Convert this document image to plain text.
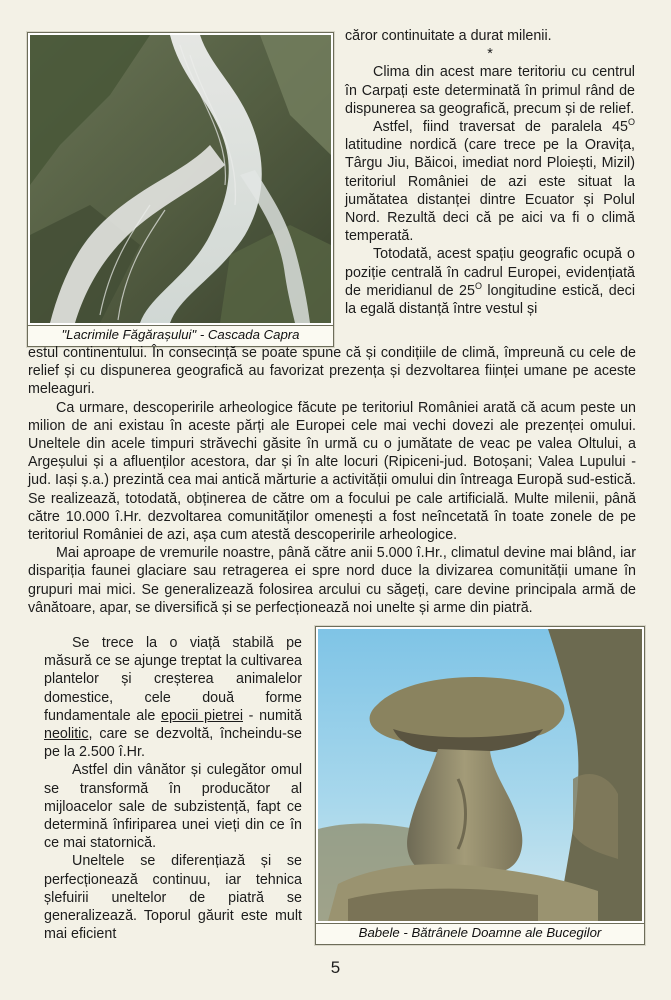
"Lacrimile Făgărașului" - Cascada Capra
Babele - Bătrânele Doamne ale Bucegilor

căror continuitate a durat milenii.

*

Clima din acest mare teritoriu cu centrul în Carpați este determinată în primul rând de dispunerea sa geografică, precum și de relief.

Astfel, fiind traversat de paralela $45^O$ latitudine nordică (care trece pe la Oravița, Târgu Jiu, Băicoi, imediat nord Ploiești, Mizil) teritoriul României de azi este situat la jumătatea distanței dintre Ecuator și Polul Nord. Rezultă deci că pe aici va fi o climă temperată.

Totodată, acest spațiu geografic ocupă o poziție centrală în cadrul Europei, evidențiată de meridianul de $25^O$ longitudine estică, deci la egală distanță între vestul și

estul continentului. În consecință se poate spune că și condițiile de climă, împreună cu cele de relief și cu dispunerea geografică au favorizat prezența și dezvoltarea ființei umane pe aceste meleaguri.

Ca urmare, descoperirile arheologice făcute pe teritoriul României arată că acum peste un milion de ani existau în aceste părți ale Europei cele mai vechi dovezi ale prezenței omului. Uneltele din acele timpuri străvechi găsite în urmă cu o jumătate de veac pe valea Oltului, a Argeșului și a afluenților acestora, dar și în alte locuri (Ripiceni-jud. Botoșani; Valea Lupului - jud. Iași ș.a.) prezintă cea mai antică mărturie a activității omului din întreaga Europă sud-estică. Se realizează, totodată, obținerea de către om a focului pe cale artificială. Multe milenii, până către 10.000 î.Hr. dezvoltarea comunităților omenești a fost neîncetată în toate zonele de pe teritoriul României de azi, așa cum atestă descoperirile arheologice.

Mai aproape de vremurile noastre, până către anii 5.000 î.Hr., climatul devine mai blând, iar dispariția faunei glaciare sau retragerea ei spre nord duce la divizarea comunității umane în grupuri mai mici. Se generalizează folosirea arcului cu săgeți, care devine principala armă de vânătoare, apar, se diversifică și se perfecționează noi unelte și arme din piatră.

Se trece la o viață stabilă pe măsură ce se ajunge treptat la cultivarea plantelor și creșterea animalelor domestice, cele două forme fundamentale ale epocii pietrei - numită neolitic, care se dezvoltă, încheindu-se pe la 2.500 î.Hr.

Astfel din vânător și culegător omul se transformă în producător al mijloacelor sale de subzistență, fapt ce determină înfiriparea unei vieți din ce în ce mai statornică.

Uneltele se diferențiază și se perfecționează continuu, iar tehnica șlefuirii uneltelor de piatră se generalizează. Toporul găurit este mult mai eficient

5
